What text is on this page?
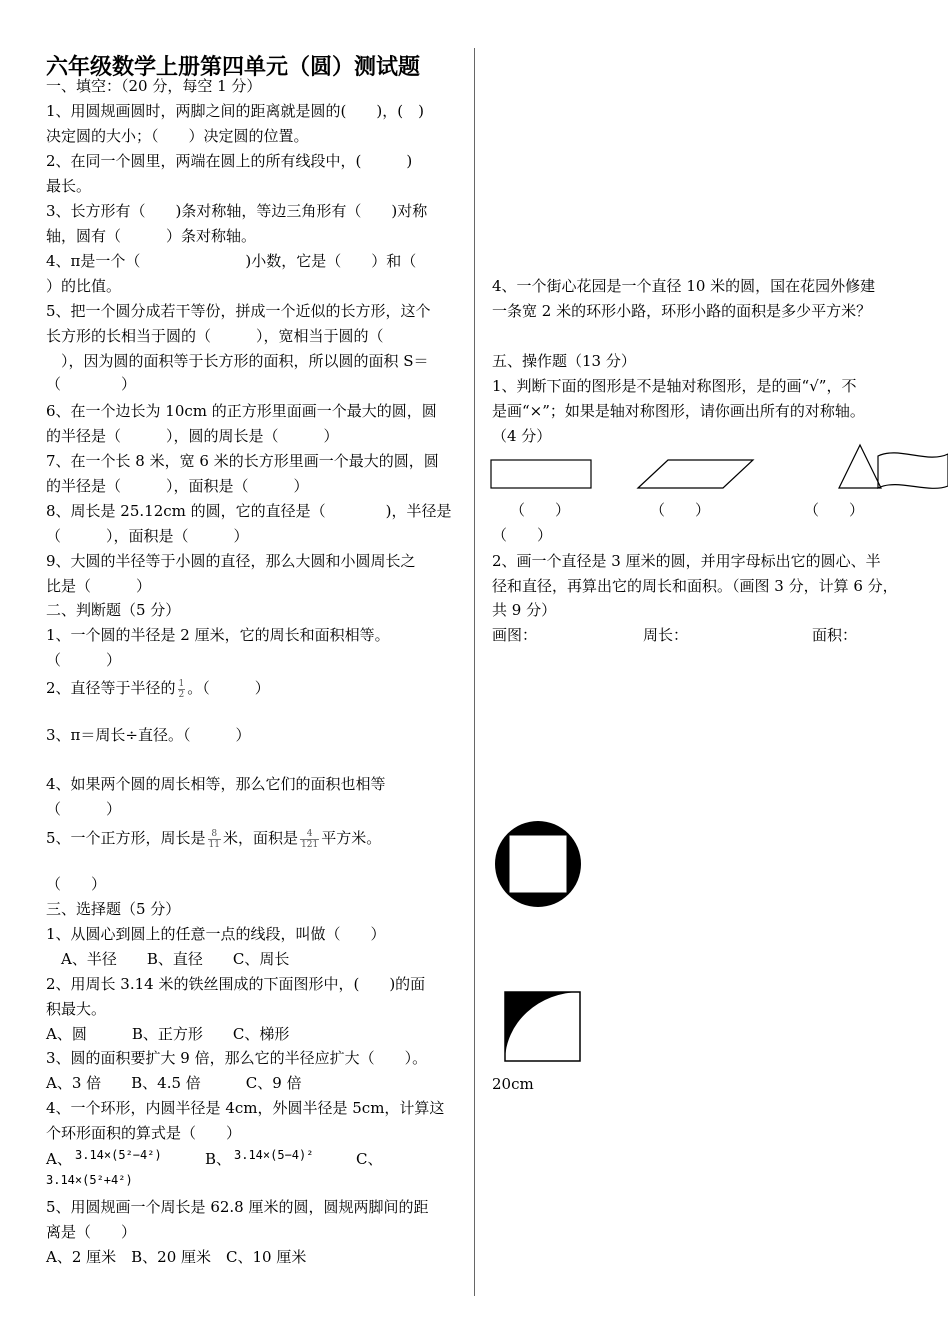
六年级数学上册第四单元（圆）测试题
一、填空：（20 分，每空 1 分）
1、用圆规画圆时，两脚之间的距离就是圆的(　　)，(　)
决定圆的大小；（　　）决定圆的位置。
2、在同一个圆里，两端在圆上的所有线段中，(　　　)
最长。
3、长方形有（　　)条对称轴，等边三角形有（　　)对称
轴，圆有（　　　）条对称轴。
4、π是一个（　　　　　　　)小数，它是（　　）和（
）的比值。
5、把一个圆分成若干等份，拼成一个近似的长方形，这个
长方形的长相当于圆的（　　　），宽相当于圆的（
　），因为圆的面积等于长方形的面积，所以圆的面积 S＝
（　　　　）
6、在一个边长为 10cm 的正方形里面画一个最大的圆，圆
的半径是（　　　），圆的周长是（　　　）
7、在一个长 8 米，宽 6 米的长方形里画一个最大的圆，圆
的半径是（　　　），面积是（　　　）
8、周长是 25.12cm 的圆，它的直径是（　　　　)，半径是
（　　　），面积是（　　　）
9、大圆的半径等于小圆的直径，那么大圆和小圆周长之
比是（　　　）
二、判断题（5 分）
1、一个圆的半径是 2 厘米，它的周长和面积相等。
（　　　）
2、直径等于半径的 $\frac{1}{2}$ 。（　　　）
3、π＝周长÷直径。（　　　）
4、如果两个圆的周长相等，那么它们的面积也相等
（　　　）
5、一个正方形，周长是 $\frac{8}{11}$ 米，面积是 $\frac{4}{121}$ 平方米。
（　　）
三、选择题（5 分）
1、从圆心到圆上的任意一点的线段，叫做（　　）
　A、半径　　B、直径　　C、周长
2、用周长 3.14 米的铁丝围成的下面图形中，(　　)的面
积最大。
A、圆　　　B、正方形　　C、梯形
3、圆的面积要扩大 9 倍，那么它的半径应扩大（　　）。
A、3 倍　　B、4.5 倍　　　C、9 倍
4、一个环形，内圆半径是 4cm，外圆半径是 5cm，计算这
个环形面积的算式是（　　）
A、 3.14×(5²−4²)	B、 3.14×(5−4)²	C、
3.14×(5²+4²)
5、用圆规画一个周长是 62.8 厘米的圆，圆规两脚间的距
离是（　　）
A、2 厘米　B、20 厘米　C、10 厘米
4、一个街心花园是一个直径 10 米的圆，国在花园外修建
一条宽 2 米的环形小路，环形小路的面积是多少平方米？
五、操作题（13 分）
1、判断下面的图形是不是轴对称图形，是的画“√”，不
是画“×”；如果是轴对称图形，请你画出所有的对称轴。
（4 分）
（　　）	（　　）	（　　）
（　　）
2、画一个直径是 3 厘米的圆，并用字母标出它的圆心、半
径和直径，再算出它的周长和面积。（画图 3 分，计算 6 分，
共 9 分）
画图：	周长：	面积：
20cm
